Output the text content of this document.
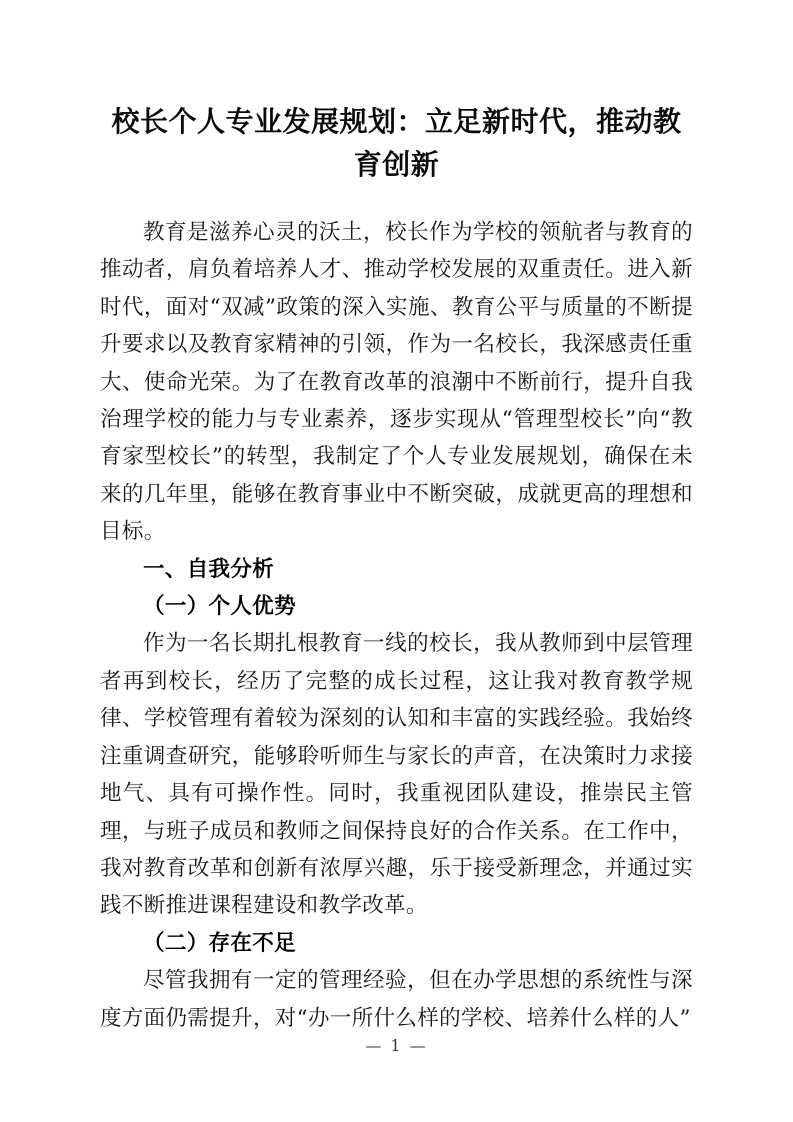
校长个人专业发展规划：立足新时代，推动教育创新

教育是滋养心灵的沃土，校长作为学校的领航者与教育的推动者，肩负着培养人才、推动学校发展的双重责任。进入新时代，面对“双减”政策的深入实施、教育公平与质量的不断提升要求以及教育家精神的引领，作为一名校长，我深感责任重大、使命光荣。为了在教育改革的浪潮中不断前行，提升自我治理学校的能力与专业素养，逐步实现从“管理型校长”向“教育家型校长”的转型，我制定了个人专业发展规划，确保在未来的几年里，能够在教育事业中不断突破，成就更高的理想和目标。

一、自我分析
（一）个人优势

作为一名长期扎根教育一线的校长，我从教师到中层管理者再到校长，经历了完整的成长过程，这让我对教育教学规律、学校管理有着较为深刻的认知和丰富的实践经验。我始终注重调查研究，能够聆听师生与家长的声音，在决策时力求接地气、具有可操作性。同时，我重视团队建设，推崇民主管理，与班子成员和教师之间保持良好的合作关系。在工作中，我对教育改革和创新有浓厚兴趣，乐于接受新理念，并通过实践不断推进课程建设和教学改革。

（二）存在不足

尽管我拥有一定的管理经验，但在办学思想的系统性与深度方面仍需提升，对“办一所什么样的学校、培养什么样的人”

— 1 —
